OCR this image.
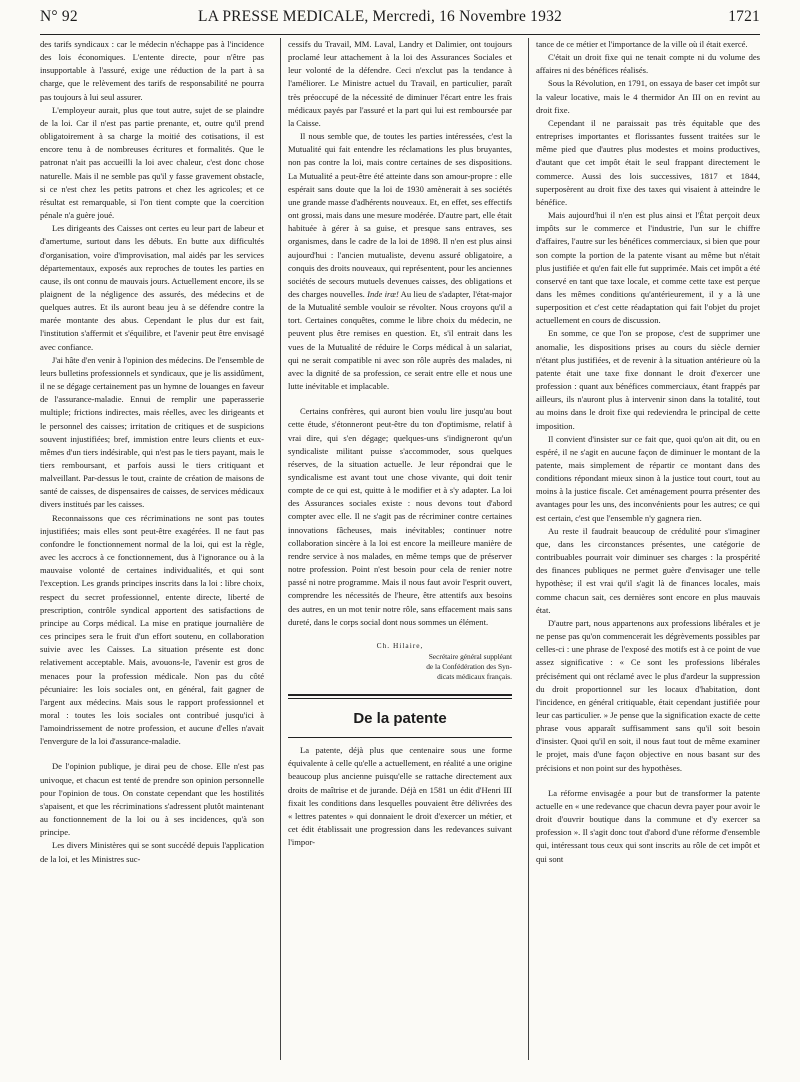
N° 92	LA PRESSE MEDICALE, Mercredi, 16 Novembre 1932	1721

des tarifs syndicaux : car le médecin n'échappe pas à l'incidence des lois économiques. L'entente directe, pour n'être pas insupportable à l'assuré, exige une réduction de la part à sa charge, que le relèvement des tarifs de responsabilité ne pourra pas toujours à lui seul assurer.

L'employeur aurait, plus que tout autre, sujet de se plaindre de la loi. Car il n'est pas partie prenante, et, outre qu'il prend obligatoirement à sa charge la moitié des cotisations, il est encore tenu à de nombreuses écritures et formalités. Que le patronat n'ait pas accueilli la loi avec chaleur, c'est donc chose naturelle. Mais il ne semble pas qu'il y fasse gravement obstacle, si ce n'est chez les petits patrons et chez les agricoles; et ce résultat est remarquable, si l'on tient compte que la coercition pénale n'a guère joué.

Les dirigeants des Caisses ont certes eu leur part de labeur et d'amertume, surtout dans les débuts. En butte aux difficultés d'organisation, voire d'improvisation, mal aidés par les services départementaux, exposés aux reproches de toutes les parties en cause, ils ont connu de mauvais jours. Actuellement encore, ils se plaignent de la négligence des assurés, des médecins et de quelques autres. Et ils auront beau jeu à se défendre contre la marée montante des abus. Cependant le plus dur est fait, l'institution s'affermit et s'équilibre, et l'avenir peut être envisagé avec confiance.

J'ai hâte d'en venir à l'opinion des médecins. De l'ensemble de leurs bulletins professionnels et syndicaux, que je lis assidûment, il ne se dégage certainement pas un hymne de louanges en faveur de l'assurance-maladie. Ennui de remplir une paperasserie multiple; frictions indirectes, mais réelles, avec les dirigeants et le personnel des caisses; irritation de critiques et de suspicions souvent injustifiées; bref, immistion entre leurs clients et eux-mêmes d'un tiers indésirable, qui n'est pas le tiers payant, mais le tiers remboursant, et parfois aussi le tiers critiquant et malveillant. Par-dessus le tout, crainte de création de maisons de santé de caisses, de dispensaires de caisses, de services médicaux divers institués par les caisses.

Reconnaissons que ces récriminations ne sont pas toutes injustifiées; mais elles sont peut-être exagérées. Il ne faut pas confondre le fonctionnement normal de la loi, qui est la règle, avec les accrocs à ce fonctionnement, dus à l'ignorance ou à la mauvaise volonté de certaines individualités, et qui sont l'exception. Les grands principes inscrits dans la loi : libre choix, respect du secret professionnel, entente directe, liberté de prescription, contrôle syndical apportent des satisfactions de principe au Corps médical. La mise en pratique journalière de ces principes sera le fruit d'un effort soutenu, en collaboration suivie avec les Caisses. La situation présente est donc relativement acceptable. Mais, avouons-le, l'avenir est gros de menaces pour la profession médicale. Non pas du côté pécuniaire: les lois sociales ont, en général, fait gagner de l'argent aux médecins. Mais sous le rapport professionnel et moral : toutes les lois sociales ont contribué jusqu'ici à l'amoindrissement de notre profession, et aucune d'elles n'avait l'envergure de la loi d'assurance-maladie.

De l'opinion publique, je dirai peu de chose. Elle n'est pas univoque, et chacun est tenté de prendre son opinion personnelle pour l'opinion de tous. On constate cependant que les hostilités s'apaisent, et que les récriminations s'adressent plutôt maintenant au fonctionnement de la loi ou à ses incidences, qu'à son principe.

Les divers Ministères qui se sont succédé depuis l'application de la loi, et les Ministres suc-

cessifs du Travail, MM. Laval, Landry et Dalimier, ont toujours proclamé leur attachement à la loi des Assurances Sociales et leur volonté de la défendre. Ceci n'exclut pas la tendance à l'améliorer. Le Ministre actuel du Travail, en particulier, paraît très préoccupé de la nécessité de diminuer l'écart entre les frais médicaux payés par l'assuré et la part qui lui est remboursée par la Caisse.

Il nous semble que, de toutes les parties intéressées, c'est la Mutualité qui fait entendre les réclamations les plus bruyantes, non pas contre la loi, mais contre certaines de ses dispositions. La Mutualité a peut-être été atteinte dans son amour-propre : elle espérait sans doute que la loi de 1930 amènerait à ses sociétés une grande masse d'adhérents nouveaux. Et, en effet, ses effectifs ont grossi, mais dans une mesure modérée. D'autre part, elle était habituée à gérer à sa guise, et presque sans entraves, ses organismes, dans le cadre de la loi de 1898. Il n'en est plus ainsi aujourd'hui : l'ancien mutualiste, devenu assuré obligatoire, a conquis des droits nouveaux, qui représentent, pour les anciennes sociétés de secours mutuels devenues caisses, des obligations et des charges nouvelles. Inde iræ! Au lieu de s'adapter, l'état-major de la Mutualité semble vouloir se révolter. Nous croyons qu'il a tort. Certaines conquêtes, comme le libre choix du médecin, ne peuvent plus être remises en question. Et, s'il entrait dans les vues de la Mutualité de réduire le Corps médical à un salariat, qui ne serait compatible ni avec son rôle auprès des malades, ni avec la dignité de sa profession, ce serait entre elle et nous une lutte inévitable et implacable.

Certains confrères, qui auront bien voulu lire jusqu'au bout cette étude, s'étonneront peut-être du ton d'optimisme, relatif à vrai dire, qui s'en dégage; quelques-uns s'indigneront qu'un syndicaliste militant puisse s'accommoder, sous quelques réserves, de la situation actuelle. Je leur répondrai que le syndicalisme est avant tout une chose vivante, qui doit tenir compte de ce qui est, quitte à le modifier et à s'y adapter. La loi des Assurances sociales existe : nous devons tout d'abord compter avec elle. Il ne s'agit pas de récriminer contre certaines innovations fâcheuses, mais inévitables; continuer notre collaboration sincère à la loi est encore la meilleure manière de rendre service à nos malades, en même temps que de préserver notre profession. Point n'est besoin pour cela de renier notre passé ni notre programme. Mais il nous faut avoir l'esprit ouvert, comprendre les nécessités de l'heure, être attentifs aux besoins des autres, en un mot tenir notre rôle, sans effacement mais sans dureté, dans le corps social dont nous sommes un élément.

Ch. Hilaire,
Secrétaire général suppléant
de la Confédération des Syn-
dicats médicaux français.
De la patente

La patente, déjà plus que centenaire sous une forme équivalente à celle qu'elle a actuellement, en réalité a une origine beaucoup plus ancienne puisqu'elle se rattache directement aux droits de maîtrise et de jurande. Déjà en 1581 un édit d'Henri III fixait les conditions dans lesquelles pouvaient être délivrées des « lettres patentes » qui donnaient le droit d'exercer un métier, et cet édit établissait une progression dans les redevances suivant l'impor-

tance de ce métier et l'importance de la ville où il était exercé.

C'était un droit fixe qui ne tenait compte ni du volume des affaires ni des bénéfices réalisés.

Sous la Révolution, en 1791, on essaya de baser cet impôt sur la valeur locative, mais le 4 thermidor An III on en revint au droit fixe.

Cependant il ne paraissait pas très équitable que des entreprises importantes et florissantes fussent traitées sur le même pied que d'autres plus modestes et moins productives, d'autant que cet impôt était le seul frappant directement le commerce. Aussi des lois successives, 1817 et 1844, superposèrent au droit fixe des taxes qui visaient à atteindre le bénéfice.

Mais aujourd'hui il n'en est plus ainsi et l'État perçoit deux impôts sur le commerce et l'industrie, l'un sur le chiffre d'affaires, l'autre sur les bénéfices commerciaux, si bien que pour son compte la portion de la patente visant au même but n'était plus justifiée et qu'en fait elle fut supprimée. Mais cet impôt a été conservé en tant que taxe locale, et comme cette taxe est perçue dans les mêmes conditions qu'antérieurement, il y a là une superposition et c'est cette réadaptation qui fait l'objet du projet actuellement en cours de discussion.

En somme, ce que l'on se propose, c'est de supprimer une anomalie, les dispositions prises au cours du siècle dernier n'étant plus justifiées, et de revenir à la situation antérieure où la patente était une taxe fixe donnant le droit d'exercer une profession : quant aux bénéfices commerciaux, étant frappés par ailleurs, ils n'auront plus à intervenir sinon dans la totalité, tout au moins dans le droit fixe qui redeviendra le principal de cette imposition.

Il convient d'insister sur ce fait que, quoi qu'on ait dit, ou en espéré, il ne s'agit en aucune façon de diminuer le montant de la patente, mais simplement de répartir ce montant dans des conditions répondant mieux sinon à la justice tout court, tout au moins à la justice fiscale. Cet aménagement pourra présenter des avantages pour les uns, des inconvénients pour les autres; ce qui est certain, c'est que l'ensemble n'y gagnera rien.

Au reste il faudrait beaucoup de crédulité pour s'imaginer que, dans les circonstances présentes, une catégorie de contribuables pourrait voir diminuer ses charges : la prospérité des finances publiques ne permet guère d'envisager une telle hypothèse; il est vrai qu'il s'agit là de finances locales, mais comme chacun sait, ces dernières sont encore en plus mauvais état.

D'autre part, nous appartenons aux professions libérales et je ne pense pas qu'on commencerait les dégrèvements possibles par celles-ci : une phrase de l'exposé des motifs est à ce point de vue assez significative : « Ce sont les professions libérales précisément qui ont réclamé avec le plus d'ardeur la suppression du droit proportionnel sur les locaux d'habitation, dont l'incidence, en général critiquable, était cependant justifiée pour leur cas particulier. » Je pense que la signification exacte de cette phrase vous apparaît suffisamment sans qu'il soit besoin d'insister. Quoi qu'il en soit, il nous faut tout de même examiner le projet, mais d'une façon objective en nous basant sur des précisions et non point sur des hypothèses.

La réforme envisagée a pour but de transformer la patente actuelle en « une redevance que chacun devra payer pour avoir le droit d'ouvrir boutique dans la commune et d'y exercer sa profession ». Il s'agit donc tout d'abord d'une réforme d'ensemble qui, intéressant tous ceux qui sont inscrits au rôle de cet impôt et qui sont
